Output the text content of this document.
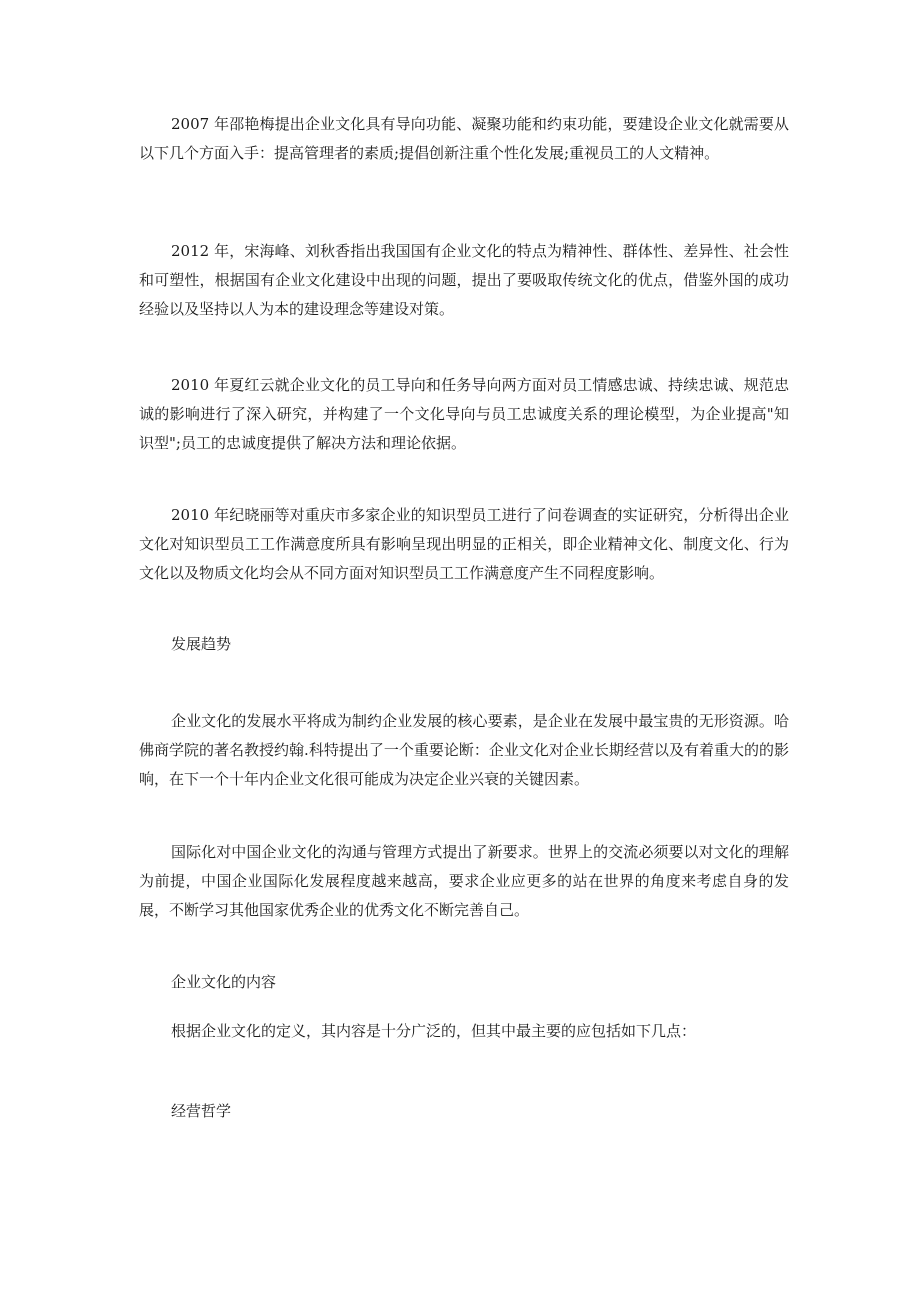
2007 年邵艳梅提出企业文化具有导向功能、凝聚功能和约束功能，要建设企业文化就需要从以下几个方面入手：提高管理者的素质;提倡创新注重个性化发展;重视员工的人文精神。

2012 年，宋海峰、刘秋香指出我国国有企业文化的特点为精神性、群体性、差异性、社会性和可塑性，根据国有企业文化建设中出现的问题，提出了要吸取传统文化的优点，借鉴外国的成功经验以及坚持以人为本的建设理念等建设对策。

2010 年夏红云就企业文化的员工导向和任务导向两方面对员工情感忠诚、持续忠诚、规范忠诚的影响进行了深入研究，并构建了一个文化导向与员工忠诚度关系的理论模型，为企业提高"知识型";员工的忠诚度提供了解决方法和理论依据。

2010 年纪晓丽等对重庆市多家企业的知识型员工进行了问卷调查的实证研究，分析得出企业文化对知识型员工工作满意度所具有影响呈现出明显的正相关，即企业精神文化、制度文化、行为文化以及物质文化均会从不同方面对知识型员工工作满意度产生不同程度影响。

发展趋势

企业文化的发展水平将成为制约企业发展的核心要素，是企业在发展中最宝贵的无形资源。哈佛商学院的著名教授约翰.科特提出了一个重要论断：企业文化对企业长期经营以及有着重大的的影响，在下一个十年内企业文化很可能成为决定企业兴衰的关键因素。

国际化对中国企业文化的沟通与管理方式提出了新要求。世界上的交流必须要以对文化的理解为前提，中国企业国际化发展程度越来越高，要求企业应更多的站在世界的角度来考虑自身的发展，不断学习其他国家优秀企业的优秀文化不断完善自己。

企业文化的内容

根据企业文化的定义，其内容是十分广泛的，但其中最主要的应包括如下几点：

经营哲学
